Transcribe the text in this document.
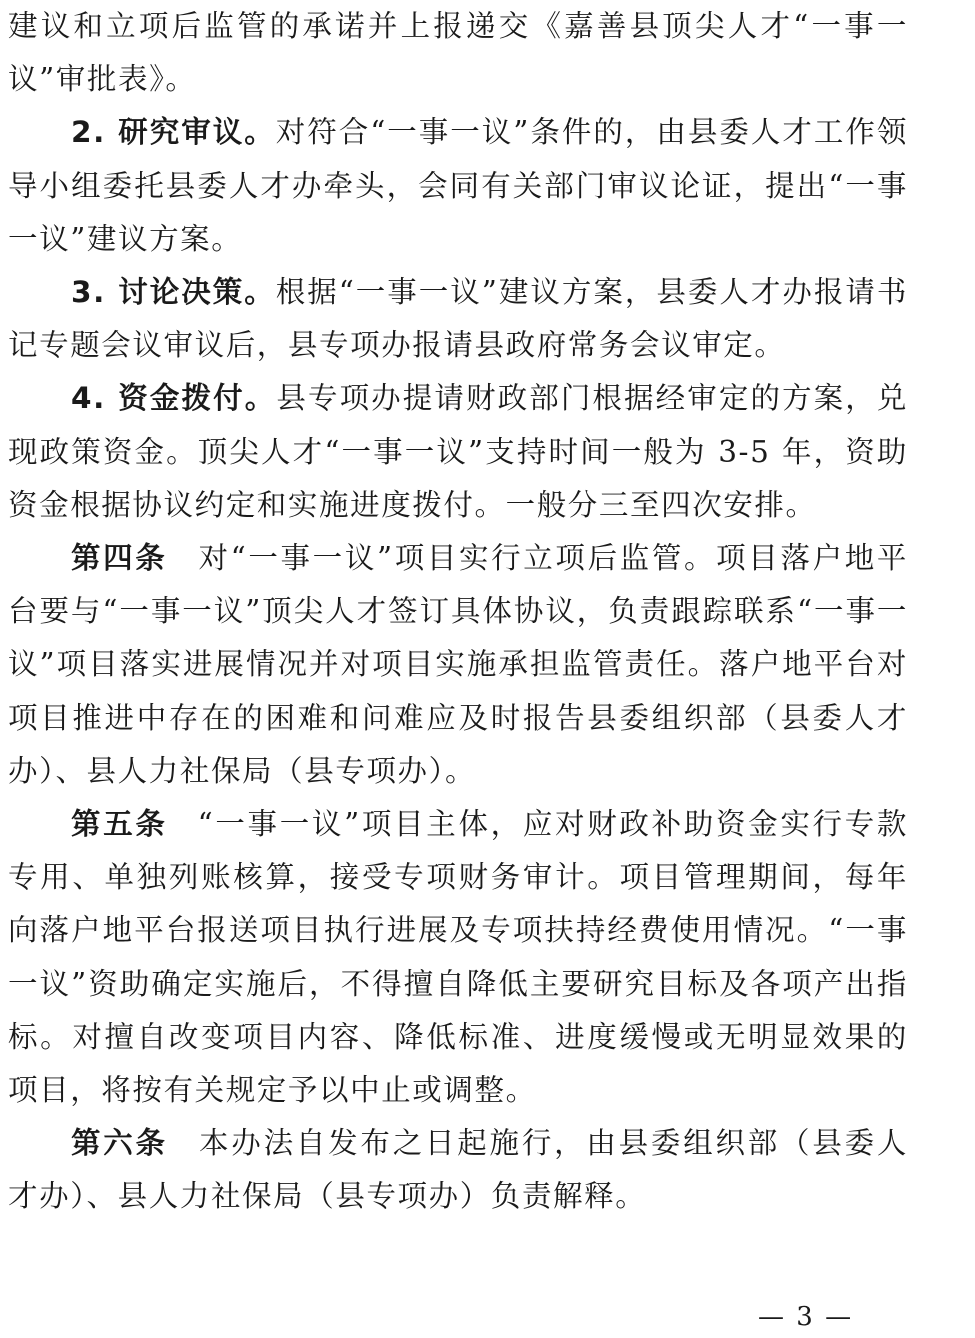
建议和立项后监管的承诺并上报递交《嘉善县顶尖人才“一事一议”审批表》。

2. 研究审议。对符合“一事一议”条件的，由县委人才工作领导小组委托县委人才办牵头，会同有关部门审议论证，提出“一事一议”建议方案。

3. 讨论决策。根据“一事一议”建议方案，县委人才办报请书记专题会议审议后，县专项办报请县政府常务会议审定。

4. 资金拨付。县专项办提请财政部门根据经审定的方案，兑现政策资金。顶尖人才“一事一议”支持时间一般为 3-5 年，资助资金根据协议约定和实施进度拨付。一般分三至四次安排。

第四条 对“一事一议”项目实行立项后监管。项目落户地平台要与“一事一议”顶尖人才签订具体协议，负责跟踪联系“一事一议”项目落实进展情况并对项目实施承担监管责任。落户地平台对项目推进中存在的困难和问难应及时报告县委组织部（县委人才办）、县人力社保局（县专项办）。

第五条 “一事一议”项目主体，应对财政补助资金实行专款专用、单独列账核算，接受专项财务审计。项目管理期间，每年向落户地平台报送项目执行进展及专项扶持经费使用情况。“一事一议”资助确定实施后，不得擅自降低主要研究目标及各项产出指标。对擅自改变项目内容、降低标准、进度缓慢或无明显效果的项目，将按有关规定予以中止或调整。

第六条 本办法自发布之日起施行，由县委组织部（县委人才办）、县人力社保局（县专项办）负责解释。

— 3 —
